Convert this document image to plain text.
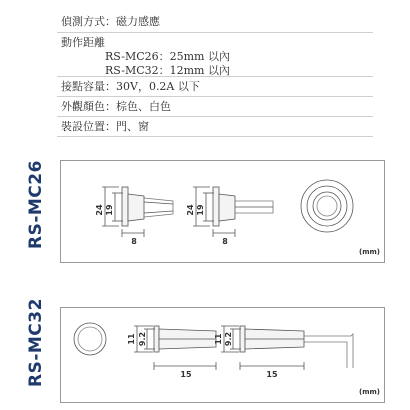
偵測方式：磁力感應
動作距離
RS-MC26：25mm 以內
RS-MC32：12mm 以內
接點容量：30V，0.2A 以下
外觀顏色：棕色、白色
裝設位置：門、窗
RS-MC26	24 19
8
24 19
8
(mm)
RS-MC32	11 9.2
15
11 9.2
15
(mm)
